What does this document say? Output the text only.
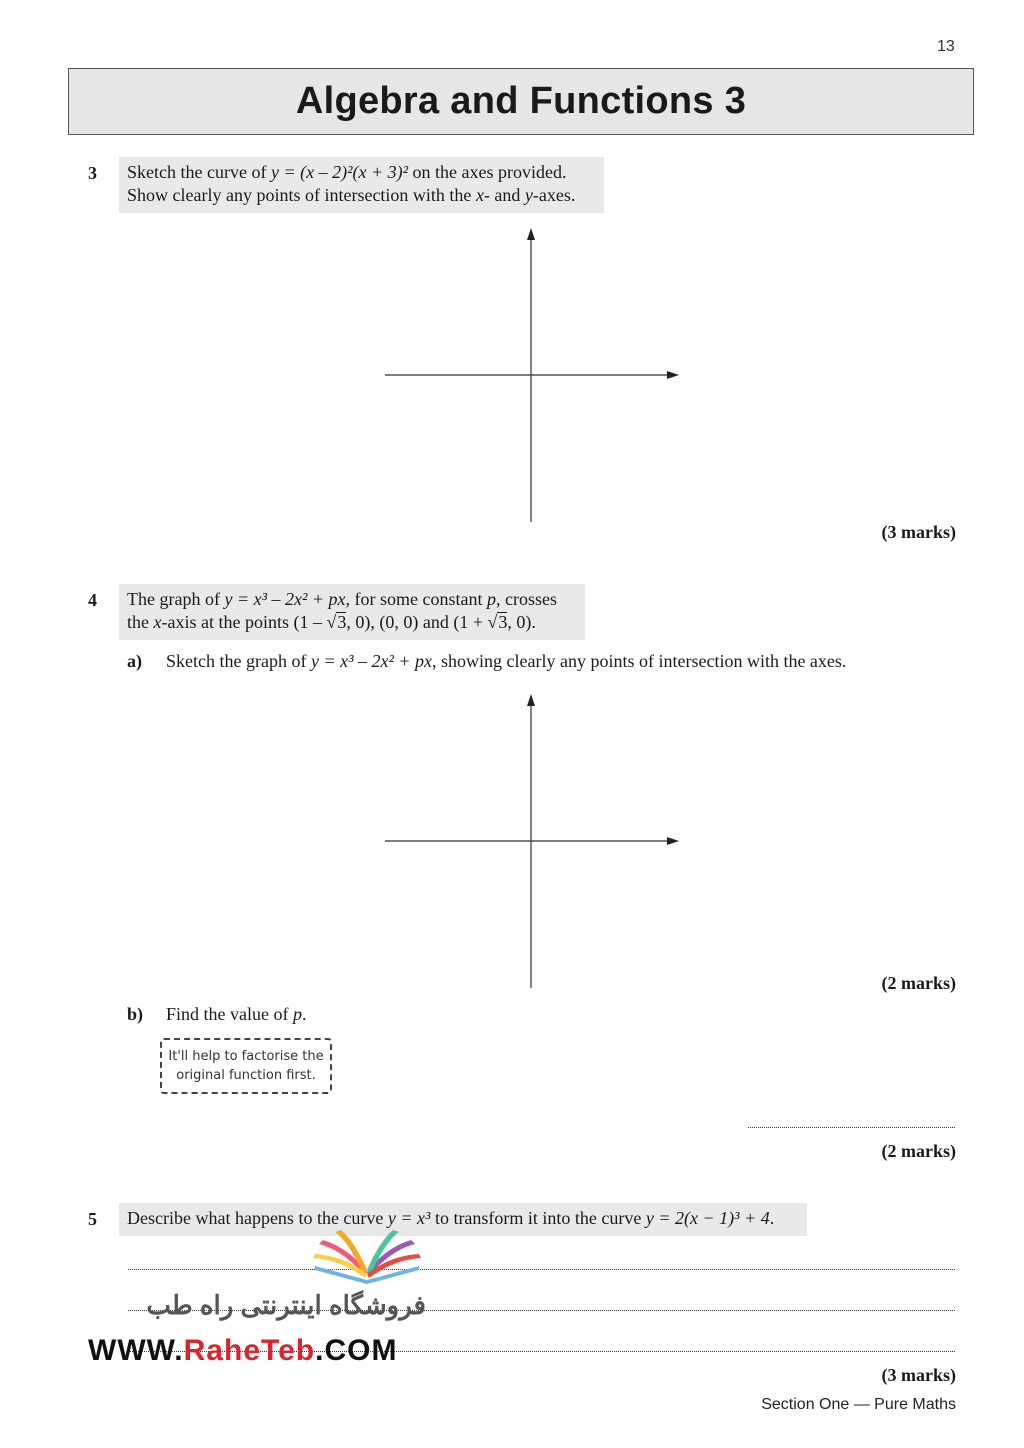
13
Algebra and Functions 3
3 Sketch the curve of y = (x – 2)²(x + 3)² on the axes provided.
Show clearly any points of intersection with the x- and y-axes.
(3 marks)
4 The graph of y = x³ – 2x² + px, for some constant p, crosses
the x-axis at the points (1 – √3, 0), (0, 0) and (1 + √3, 0).
a) Sketch the graph of y = x³ – 2x² + px, showing clearly any points of intersection with the axes.
(2 marks)
b) Find the value of p.
It'll help to factorise the
original function first.
(2 marks)
5 Describe what happens to the curve y = x³ to transform it into the curve y = 2(x − 1)³ + 4.
(3 marks)
Section One — Pure Maths
فروشگاه اینترنتی راه طب
WWW.RaheTeb.COM
